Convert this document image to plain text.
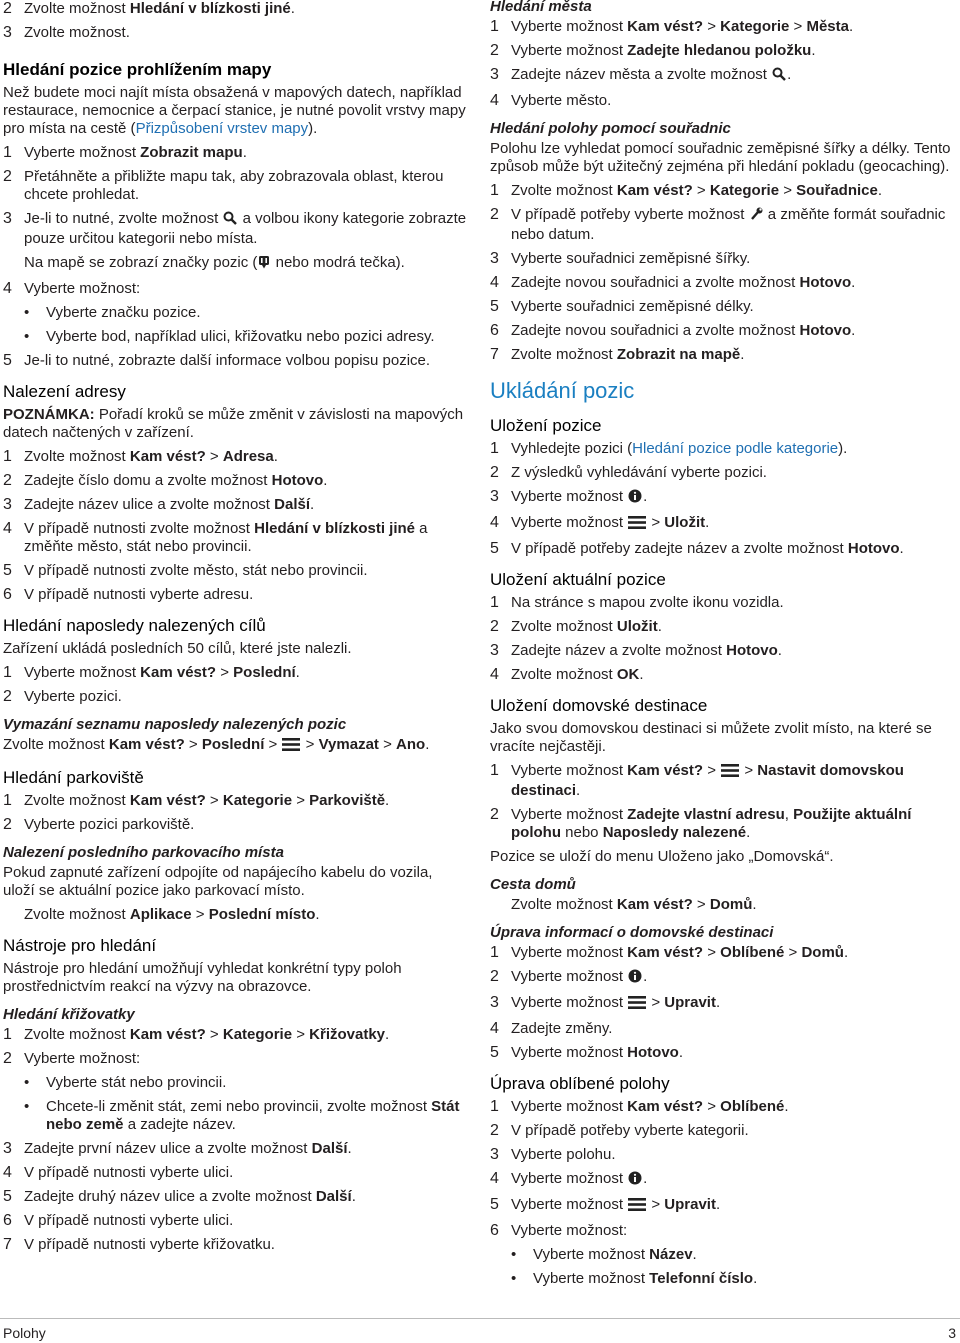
2 Zvolte možnost Hledání v blízkosti jiné.
3 Zvolte možnost.
Hledání pozice prohlížením mapy
Než budete moci najít místa obsažená v mapových datech, například restaurace, nemocnice a čerpací stanice, je nutné povolit vrstvy mapy pro místa na cestě (Přizpůsobení vrstev mapy).
1 Vyberte možnost Zobrazit mapu.
2 Přetáhněte a přibližte mapu tak, aby zobrazovala oblast, kterou chcete prohledat.
3 Je-li to nutné, zvolte možnost  a volbou ikony kategorie zobrazte pouze určitou kategorii nebo místa.
Na mapě se zobrazí značky pozic ( nebo modrá tečka).
4 Vyberte možnost:
•	Vyberte značku pozice.
•	Vyberte bod, například ulici, křižovatku nebo pozici adresy.
5 Je-li to nutné, zobrazte další informace volbou popisu pozice.
Nalezení adresy
POZNÁMKA: Pořadí kroků se může změnit v závislosti na mapových datech načtených v zařízení.
1 Zvolte možnost Kam vést? > Adresa.
2 Zadejte číslo domu a zvolte možnost Hotovo.
3 Zadejte název ulice a zvolte možnost Další.
4 V případě nutnosti zvolte možnost Hledání v blízkosti jiné a změňte město, stát nebo provincii.
5 V případě nutnosti zvolte město, stát nebo provincii.
6 V případě nutnosti vyberte adresu.
Hledání naposledy nalezených cílů
Zařízení ukládá posledních 50 cílů, které jste nalezli.
1 Vyberte možnost Kam vést? > Poslední.
2 Vyberte pozici.
Vymazání seznamu naposledy nalezených pozic
Zvolte možnost Kam vést? > Poslední >  > Vymazat > Ano.
Hledání parkoviště
1 Zvolte možnost Kam vést? > Kategorie > Parkoviště.
2 Vyberte pozici parkoviště.
Nalezení posledního parkovacího místa
Pokud zapnuté zařízení odpojíte od napájecího kabelu do vozila, uloží se aktuální pozice jako parkovací místo.
Zvolte možnost Aplikace > Poslední místo.
Nástroje pro hledání
Nástroje pro hledání umožňují vyhledat konkrétní typy poloh prostřednictvím reakcí na výzvy na obrazovce.
Hledání křižovatky
1 Zvolte možnost Kam vést? > Kategorie > Křižovatky.
2 Vyberte možnost:
•	Vyberte stát nebo provincii.
•	Chcete-li změnit stát, zemi nebo provincii, zvolte možnost Stát nebo země a zadejte název.
3 Zadejte první název ulice a zvolte možnost Další.
4 V případě nutnosti vyberte ulici.
5 Zadejte druhý název ulice a zvolte možnost Další.
6 V případě nutnosti vyberte ulici.
7 V případě nutnosti vyberte křižovatku.
Hledání města
1 Vyberte možnost Kam vést? > Kategorie > Města.
2 Vyberte možnost Zadejte hledanou položku.
3 Zadejte název města a zvolte možnost .
4 Vyberte město.
Hledání polohy pomocí souřadnic
Polohu lze vyhledat pomocí souřadnic zeměpisné šířky a délky. Tento způsob může být užitečný zejména při hledání pokladu (geocaching).
1 Zvolte možnost Kam vést? > Kategorie > Souřadnice.
2 V případě potřeby vyberte možnost  a změňte formát souřadnic nebo datum.
3 Vyberte souřadnici zeměpisné šířky.
4 Zadejte novou souřadnici a zvolte možnost Hotovo.
5 Vyberte souřadnici zeměpisné délky.
6 Zadejte novou souřadnici a zvolte možnost Hotovo.
7 Zvolte možnost Zobrazit na mapě.
Ukládání pozic
Uložení pozice
1 Vyhledejte pozici (Hledání pozice podle kategorie).
2 Z výsledků vyhledávání vyberte pozici.
3 Vyberte možnost .
4 Vyberte možnost  > Uložit.
5 V případě potřeby zadejte název a zvolte možnost Hotovo.
Uložení aktuální pozice
1 Na stránce s mapou zvolte ikonu vozidla.
2 Zvolte možnost Uložit.
3 Zadejte název a zvolte možnost Hotovo.
4 Zvolte možnost OK.
Uložení domovské destinace
Jako svou domovskou destinaci si můžete zvolit místo, na které se vracíte nejčastěji.
1 Vyberte možnost Kam vést? >  > Nastavit domovskou destinaci.
2 Vyberte možnost Zadejte vlastní adresu, Použijte aktuální polohu nebo Naposledy nalezené.
Pozice se uloží do menu Uloženo jako „Domovská“.
Cesta domů
Zvolte možnost Kam vést? > Domů.
Úprava informací o domovské destinaci
1 Vyberte možnost Kam vést? > Oblíbené > Domů.
2 Vyberte možnost .
3 Vyberte možnost  > Upravit.
4 Zadejte změny.
5 Vyberte možnost Hotovo.
Úprava oblíbené polohy
1 Vyberte možnost Kam vést? > Oblíbené.
2 V případě potřeby vyberte kategorii.
3 Vyberte polohu.
4 Vyberte možnost .
5 Vyberte možnost  > Upravit.
6 Vyberte možnost:
•	Vyberte možnost Název.
•	Vyberte možnost Telefonní číslo.
Polohy	3
